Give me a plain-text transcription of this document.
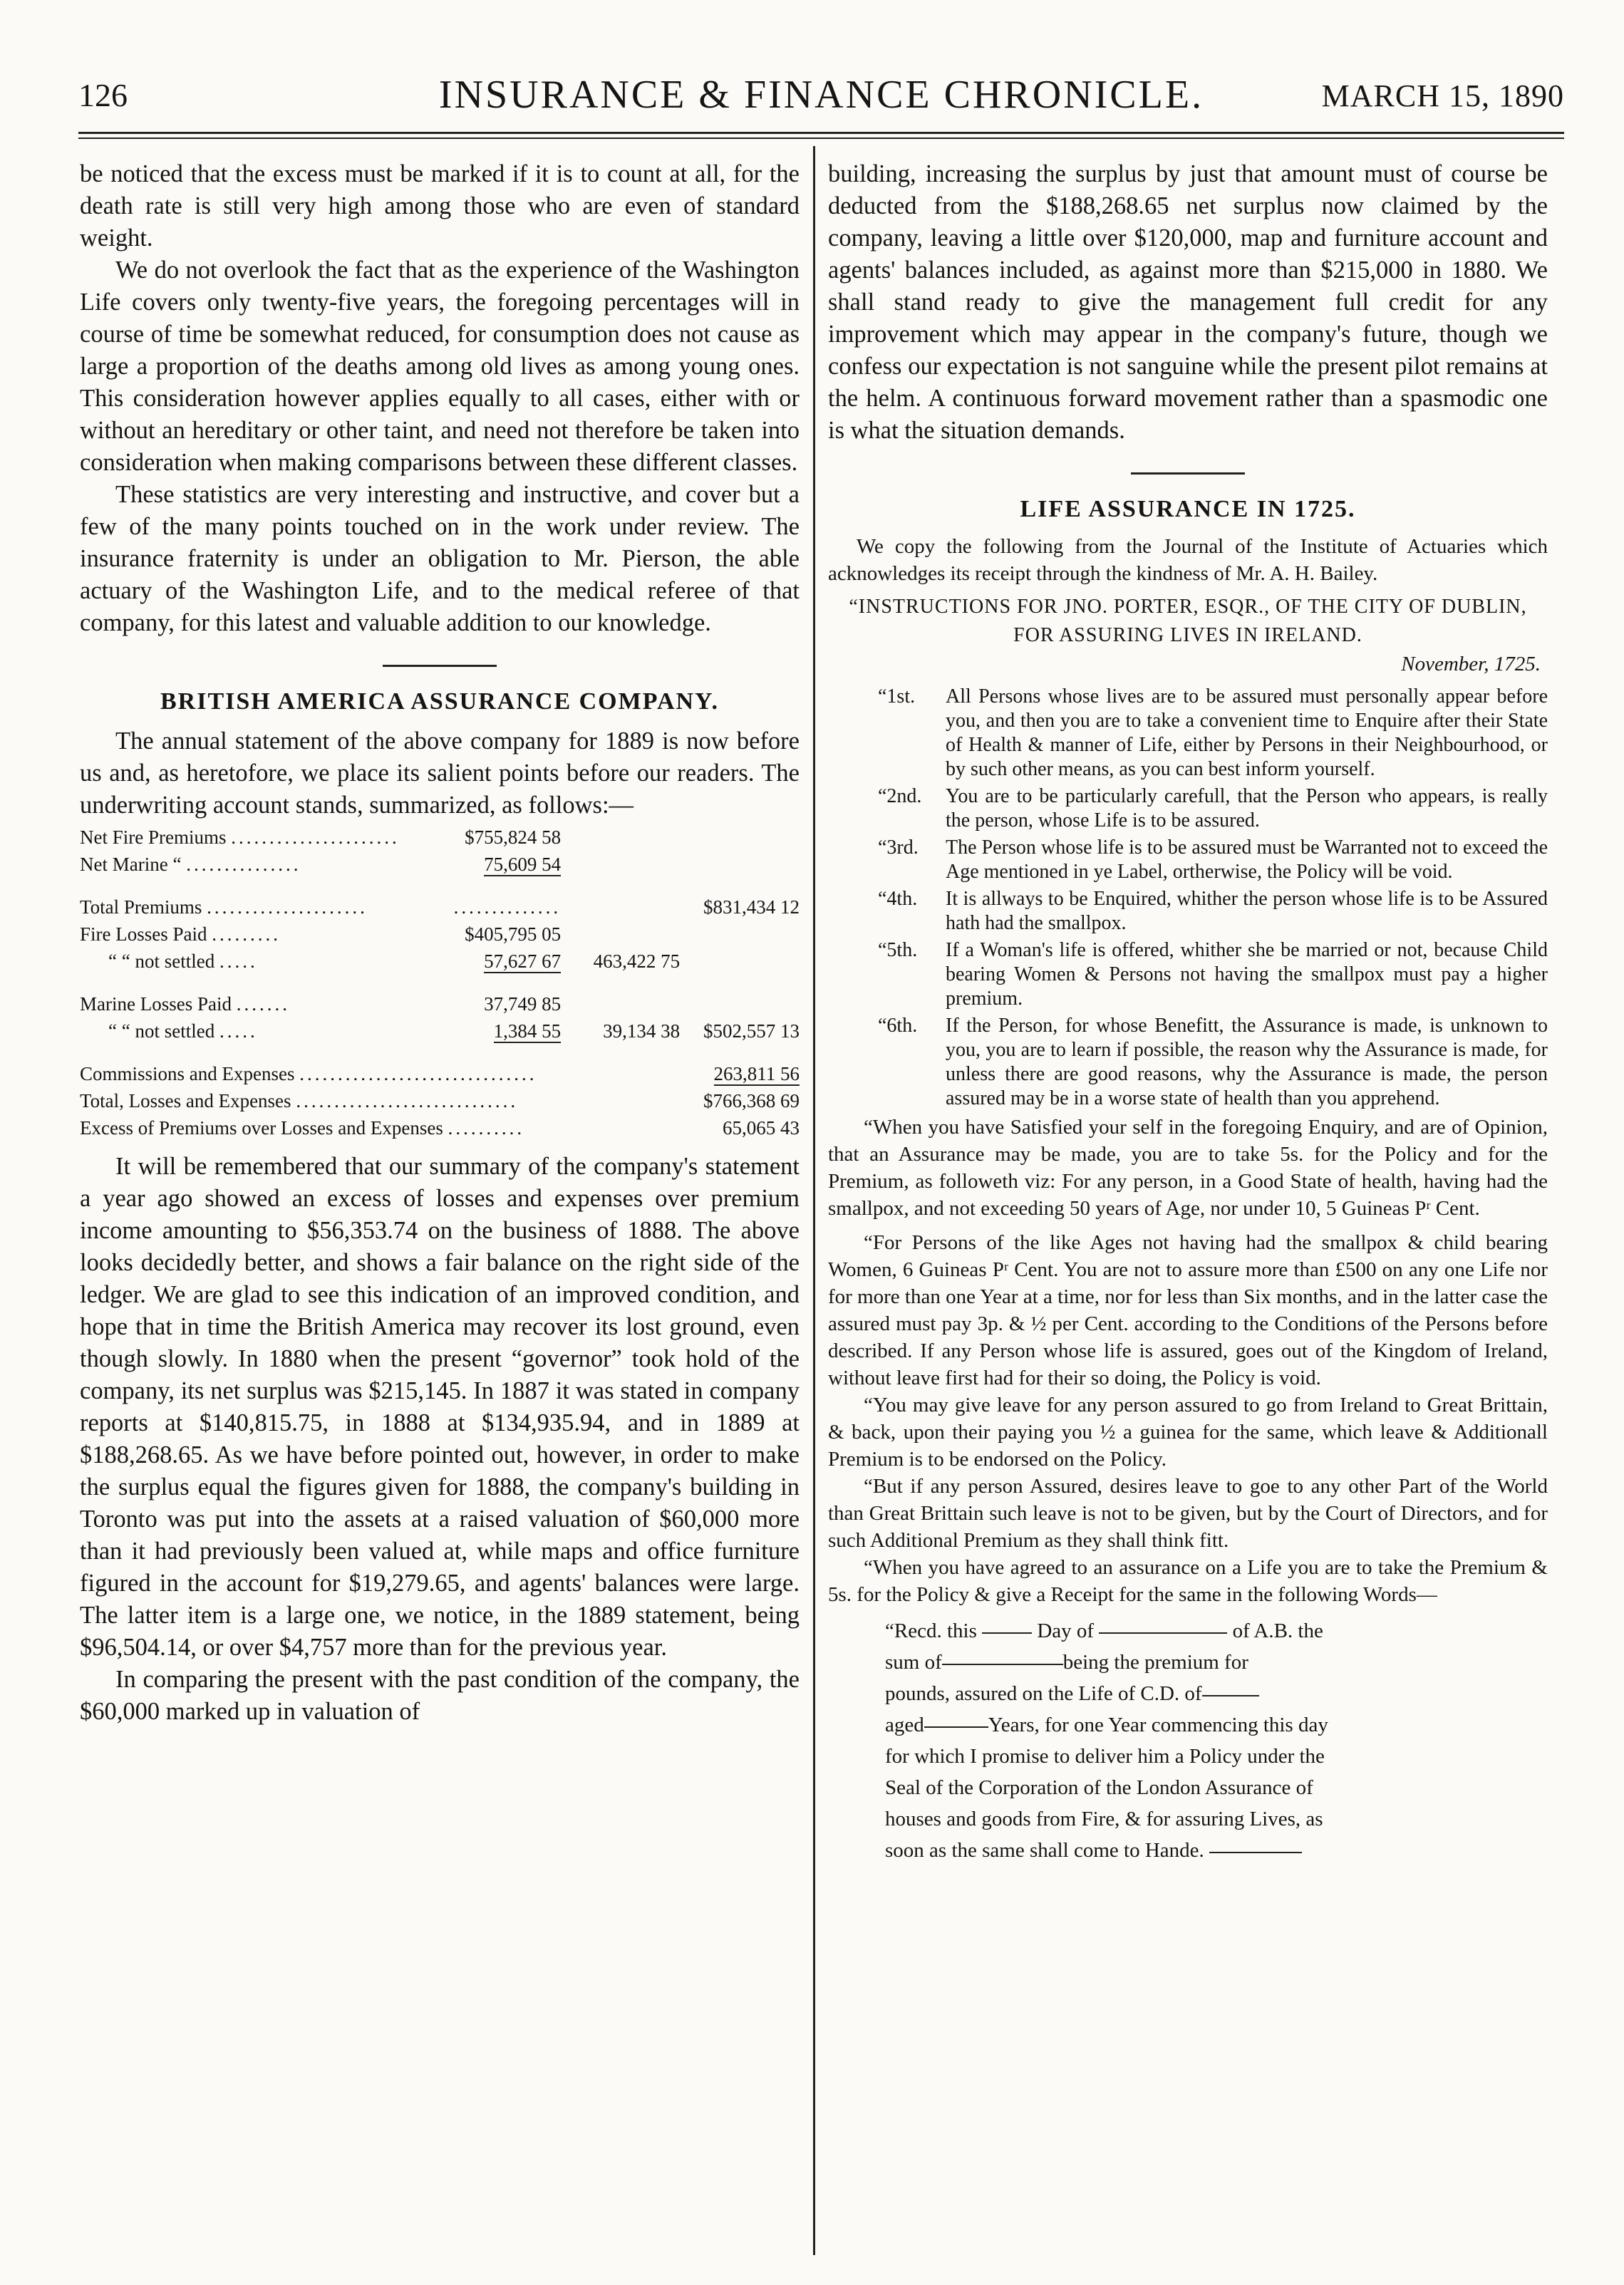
126	INSURANCE & FINANCE CHRONICLE.	MARCH 15, 1890

be noticed that the excess must be marked if it is to count at all, for the death rate is still very high among those who are even of standard weight.

We do not overlook the fact that as the experience of the Washington Life covers only twenty-five years, the foregoing percentages will in course of time be somewhat reduced, for consumption does not cause as large a proportion of the deaths among old lives as among young ones. This consideration however applies equally to all cases, either with or without an hereditary or other taint, and need not therefore be taken into consideration when making comparisons between these different classes.

These statistics are very interesting and instructive, and cover but a few of the many points touched on in the work under review. The insurance fraternity is under an obligation to Mr. Pierson, the able actuary of the Washington Life, and to the medical referee of that company, for this latest and valuable addition to our knowledge.

BRITISH AMERICA ASSURANCE COMPANY.

The annual statement of the above company for 1889 is now before us and, as heretofore, we place its salient points before our readers. The underwriting account stands, summarized, as follows:—

Net Fire Premiums ......................	$755,824 58		
Net Marine “ ...............	75,609 54		

Total Premiums .....................	..............		$831,434 12
Fire Losses Paid .........	$405,795 05		
“ “ not settled .....	57,627 67	463,422 75	

Marine Losses Paid .......	37,749 85		
“ “ not settled .....	1,384 55	39,134 38	$502,557 13

Commissions and Expenses ...............................			263,811 56
Total, Losses and Expenses .............................			$766,368 69
Excess of Premiums over Losses and Expenses ..........			65,065 43

It will be remembered that our summary of the company's statement a year ago showed an excess of losses and expenses over premium income amounting to $56,353.74 on the business of 1888. The above looks decidedly better, and shows a fair balance on the right side of the ledger. We are glad to see this indication of an improved condition, and hope that in time the British America may recover its lost ground, even though slowly. In 1880 when the present “governor” took hold of the company, its net surplus was $215,145. In 1887 it was stated in company reports at $140,815.75, in 1888 at $134,935.94, and in 1889 at $188,268.65. As we have before pointed out, however, in order to make the surplus equal the figures given for 1888, the company's building in Toronto was put into the assets at a raised valuation of $60,000 more than it had previously been valued at, while maps and office furniture figured in the account for $19,279.65, and agents' balances were large. The latter item is a large one, we notice, in the 1889 statement, being $96,504.14, or over $4,757 more than for the previous year.

In comparing the present with the past condition of the company, the $60,000 marked up in valuation of

building, increasing the surplus by just that amount must of course be deducted from the $188,268.65 net surplus now claimed by the company, leaving a little over $120,000, map and furniture account and agents' balances included, as against more than $215,000 in 1880. We shall stand ready to give the management full credit for any improvement which may appear in the company's future, though we confess our expectation is not sanguine while the present pilot remains at the helm. A continuous forward movement rather than a spasmodic one is what the situation demands.

LIFE ASSURANCE IN 1725.

We copy the following from the Journal of the Institute of Actuaries which acknowledges its receipt through the kindness of Mr. A. H. Bailey.

“INSTRUCTIONS FOR JNO. PORTER, ESQR., OF THE CITY OF DUBLIN, FOR ASSURING LIVES IN IRELAND.
November, 1725.
“1st.	All Persons whose lives are to be assured must personally appear before you, and then you are to take a convenient time to Enquire after their State of Health & manner of Life, either by Persons in their Neighbourhood, or by such other means, as you can best inform yourself.
“2nd.	You are to be particularly carefull, that the Person who appears, is really the person, whose Life is to be assured.
“3rd.	The Person whose life is to be assured must be Warranted not to exceed the Age mentioned in ye Label, ortherwise, the Policy will be void.
“4th.	It is allways to be Enquired, whither the person whose life is to be Assured hath had the smallpox.
“5th.	If a Woman's life is offered, whither she be married or not, because Child bearing Women & Persons not having the smallpox must pay a higher premium.
“6th.	If the Person, for whose Benefitt, the Assurance is made, is unknown to you, you are to learn if possible, the reason why the Assurance is made, for unless there are good reasons, why the Assurance is made, the person assured may be in a worse state of health than you apprehend.

“When you have Satisfied your self in the foregoing Enquiry, and are of Opinion, that an Assurance may be made, you are to take 5s. for the Policy and for the Premium, as followeth viz: For any person, in a Good State of health, having had the smallpox, and not exceeding 50 years of Age, nor under 10, 5 Guineas Pʳ Cent.

“For Persons of the like Ages not having had the smallpox & child bearing Women, 6 Guineas Pʳ Cent. You are not to assure more than £500 on any one Life nor for more than one Year at a time, nor for less than Six months, and in the latter case the assured must pay 3p. & ½ per Cent. according to the Conditions of the Persons before described. If any Person whose life is assured, goes out of the Kingdom of Ireland, without leave first had for their so doing, the Policy is void.

“You may give leave for any person assured to go from Ireland to Great Brittain, & back, upon their paying you ½ a guinea for the same, which leave & Additionall Premium is to be endorsed on the Policy.

“But if any person Assured, desires leave to goe to any other Part of the World than Great Brittain such leave is not to be given, but by the Court of Directors, and for such Additional Premium as they shall think fitt.

“When you have agreed to an assurance on a Life you are to take the Premium & 5s. for the Policy & give a Receipt for the same in the following Words—

“Recd. this	Day of	of A.B. the
sum of	being the premium for
pounds, assured on the Life of C.D. of
aged	Years, for one Year commencing this day
for which I promise to deliver him a Policy under the
Seal of the Corporation of the London Assurance of
houses and goods from Fire, & for assuring Lives, as
soon as the same shall come to Hande.
